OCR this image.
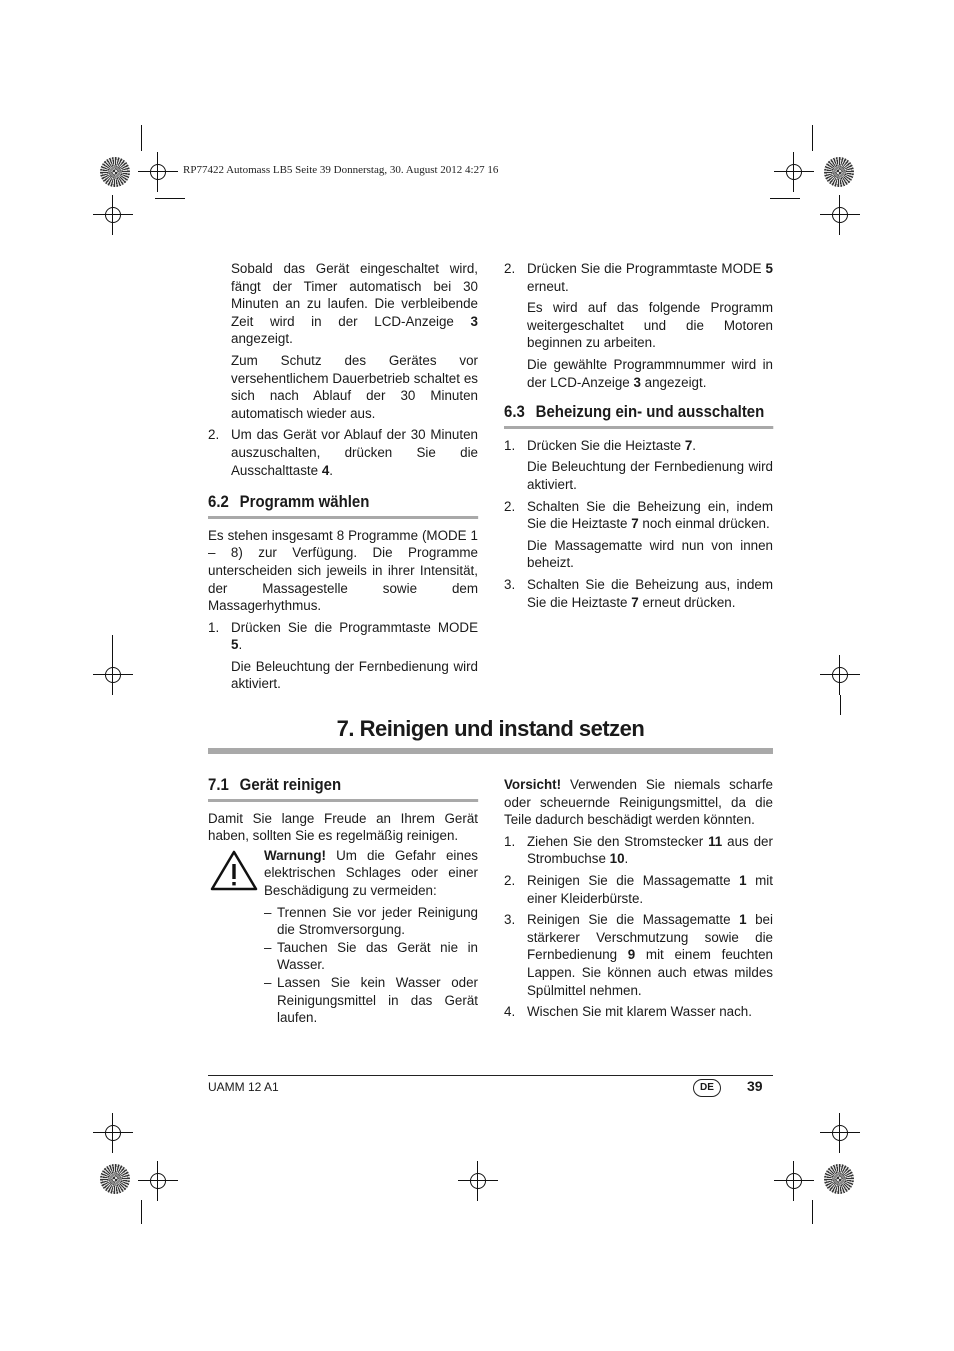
RP77422 Automass LB5 Seite 39 Donnerstag, 30. August 2012 4:27 16

Sobald das Gerät eingeschaltet wird, fängt der Timer automatisch bei 30 Minuten an zu laufen. Die verbleibende Zeit wird in der LCD-Anzeige 3 angezeigt.

Zum Schutz des Gerätes vor versehentlichem Dauerbetrieb schaltet es sich nach Ablauf der 30 Minuten automatisch wieder aus.

2. Um das Gerät vor Ablauf der 30 Minuten auszuschalten, drücken Sie die Ausschalttaste 4.
6.2 Programm wählen

Es stehen insgesamt 8 Programme (MODE 1 – 8) zur Verfügung. Die Programme unterscheiden sich jeweils in ihrer Intensität, der Massagestelle sowie dem Massagerhythmus.

1. Drücken Sie die Programmtaste MODE 5.

Die Beleuchtung der Fernbedienung wird aktiviert.

2. Drücken Sie die Programmtaste MODE 5 erneut.

Es wird auf das folgende Programm weitergeschaltet und die Motoren beginnen zu arbeiten.

Die gewählte Programmnummer wird in der LCD-Anzeige 3 angezeigt.

6.3 Beheizung ein- und ausschalten
1. Drücken Sie die Heiztaste 7.

Die Beleuchtung der Fernbedienung wird aktiviert.

2. Schalten Sie die Beheizung ein, indem Sie die Heiztaste 7 noch einmal drücken.

Die Massagematte wird nun von innen beheizt.

3. Schalten Sie die Beheizung aus, indem Sie die Heiztaste 7 erneut drücken.
7. Reinigen und instand setzen
7.1 Gerät reinigen

Damit Sie lange Freude an Ihrem Gerät haben, sollten Sie es regelmäßig reinigen.

Warnung! Um die Gefahr eines elektrischen Schlages oder einer Beschädigung zu vermeiden:

– Trennen Sie vor jeder Reinigung die Stromversorgung.
– Tauchen Sie das Gerät nie in Wasser.
– Lassen Sie kein Wasser oder Reinigungsmittel in das Gerät laufen.

Vorsicht! Verwenden Sie niemals scharfe oder scheuernde Reinigungsmittel, da die Teile dadurch beschädigt werden könnten.

1. Ziehen Sie den Stromstecker 11 aus der Strombuchse 10.
2. Reinigen Sie die Massagematte 1 mit einer Kleiderbürste.
3. Reinigen Sie die Massagematte 1 bei stärkerer Verschmutzung sowie die Fernbedienung 9 mit einem feuchten Lappen. Sie können auch etwas mildes Spülmittel nehmen.
4. Wischen Sie mit klarem Wasser nach.
UAMM 12 A1	DE	39
